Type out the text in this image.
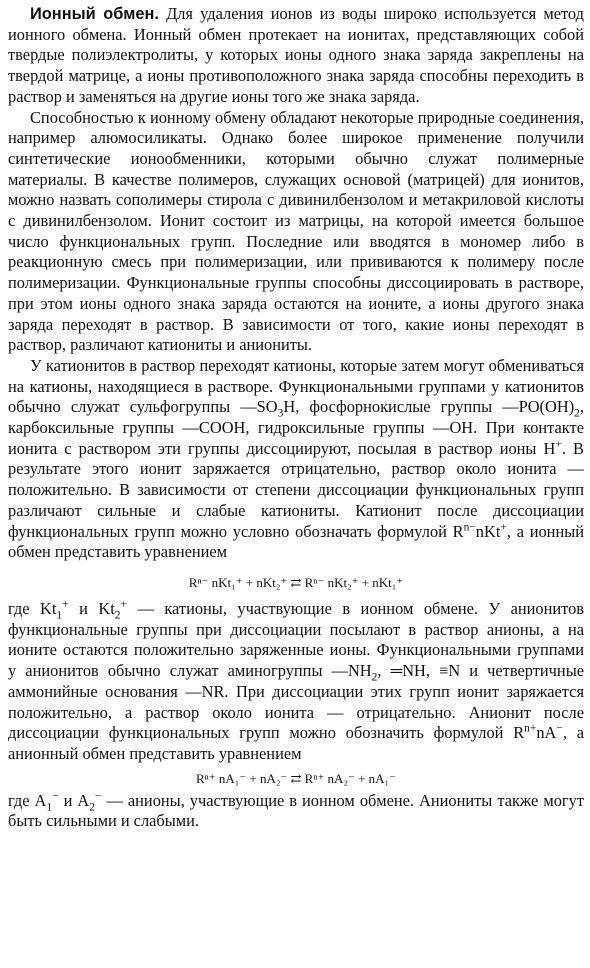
Ионный обмен. Для удаления ионов из воды широко используется метод ионного обмена. Ионный обмен протекает на ионитах, представляющих собой твердые полиэлектролиты, у которых ионы одного знака заряда закреплены на твердой матрице, а ионы противоположного знака заряда способны переходить в раствор и заменяться на другие ионы того же знака заряда.

Способностью к ионному обмену обладают некоторые природные соединения, например алюмосиликаты. Однако более широкое применение получили синтетические ионообменники, которыми обычно служат полимерные материалы. В качестве полимеров, служащих основой (матрицей) для ионитов, можно назвать сополимеры стирола с дивинилбензолом и метакриловой кислоты с дивинилбензолом. Ионит состоит из матрицы, на которой имеется большое число функциональных групп. Последние или вводятся в мономер либо в реакционную смесь при полимеризации, или прививаются к полимеру после полимеризации. Функциональные группы способны диссоциировать в растворе, при этом ионы одного знака заряда остаются на ионите, а ионы другого знака заряда переходят в раствор. В зависимости от того, какие ионы переходят в раствор, различают катиониты и аниониты.

У катионитов в раствор переходят катионы, которые затем могут обмениваться на катионы, находящиеся в растворе. Функциональными группами у катионитов обычно служат сульфогруппы $—SO_3H$, фосфорнокислые группы $—PO(OH)_2$, карбоксильные группы —COOH, гидроксильные группы —OH. При контакте ионита с раствором эти группы диссоциируют, посылая в раствор ионы H+. В результате этого ионит заряжается отрицательно, раствор около ионита — положительно. В зависимости от степени диссоциации функциональных групп различают сильные и слабые катиониты. Катионит после диссоциации функциональных групп можно условно обозначать формулой $R^{n-}nKt^+$, а ионный обмен представить уравнением

Rⁿ⁻ nKt₁⁺ + nKt₂⁺ ⇄ Rⁿ⁻ nKt₂⁺ + nKt₁⁺

где $Kt_1^+$ и $Kt_2^+$ — катионы, участвующие в ионном обмене. У анионитов функциональные группы при диссоциации посылают в раствор анионы, а на ионите остаются положительно заряженные ионы. Функциональными группами у анионитов обычно служат аминогруппы $—NH_2$, ═NH, ≡N и четвертичные аммонийные основания —NR. При диссоциации этих групп ионит заряжается положительно, а раствор около ионита — отрицательно. Анионит после диссоциации функциональных групп можно обозначить формулой $R^{n+}nA^-$, а анионный обмен представить уравнением

Rⁿ⁺ nA₁⁻ + nA₂⁻ ⇄ Rⁿ⁺ nA₂⁻ + nA₁⁻

где $A_1^-$ и $A_2^-$ — анионы, участвующие в ионном обмене. Аниониты также могут быть сильными и слабыми.
